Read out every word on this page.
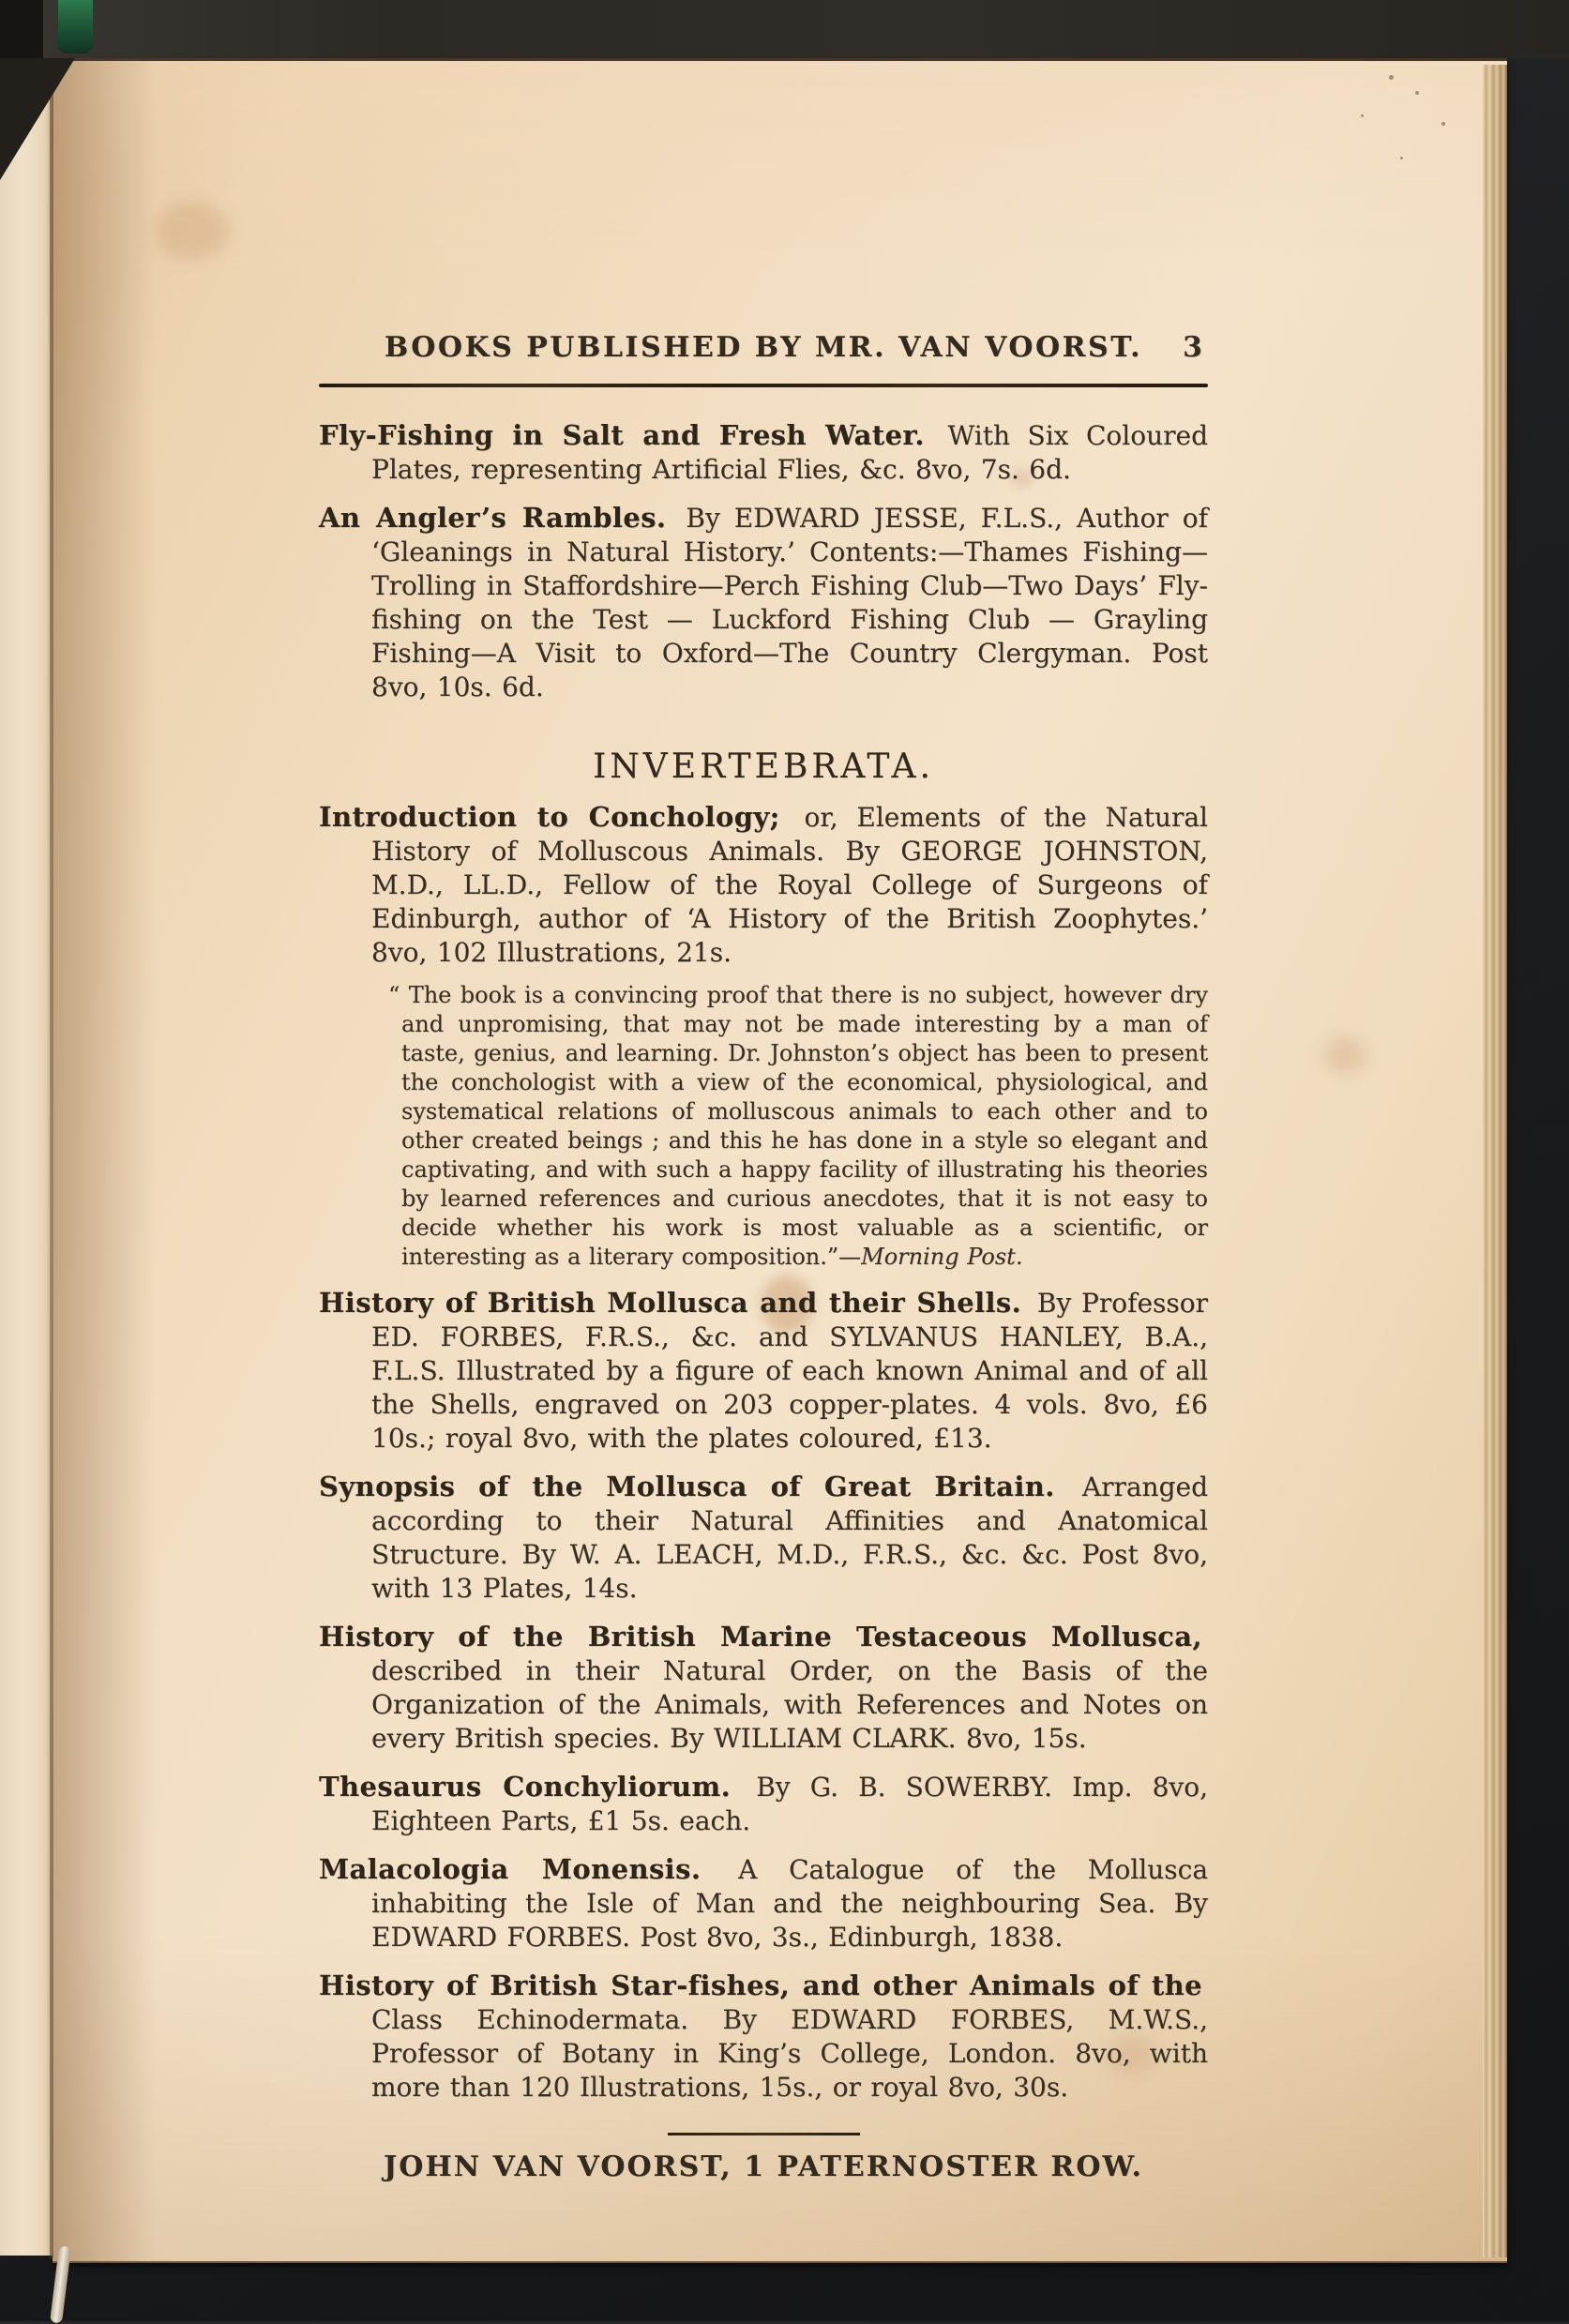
BOOKS PUBLISHED BY MR. VAN VOORST.	3

Fly-Fishing in Salt and Fresh Water. With Six Coloured Plates, representing Artificial Flies, &c. 8vo, 7s. 6d.

An Angler’s Rambles. By EDWARD JESSE, F.L.S., Author of ‘Gleanings in Natural History.’ Contents:—Thames Fishing—Trolling in Staffordshire—Perch Fishing Club—Two Days’ Fly-fishing on the Test — Luckford Fishing Club — Grayling Fishing—A Visit to Oxford—The Country Clergyman. Post 8vo, 10s. 6d.

INVERTEBRATA.

Introduction to Conchology; or, Elements of the Natural History of Molluscous Animals. By GEORGE JOHNSTON, M.D., LL.D., Fellow of the Royal College of Surgeons of Edinburgh, author of ‘A History of the British Zoophytes.’ 8vo, 102 Illustrations, 21s.

“ The book is a convincing proof that there is no subject, however dry and unpromising, that may not be made interesting by a man of taste, genius, and learning. Dr. Johnston’s object has been to present the conchologist with a view of the economical, physiological, and systematical relations of molluscous animals to each other and to other created beings ; and this he has done in a style so elegant and captivating, and with such a happy facility of illustrating his theories by learned references and curious anecdotes, that it is not easy to decide whether his work is most valuable as a scientific, or interesting as a literary composition.”—Morning Post.

History of British Mollusca and their Shells. By Professor ED. FORBES, F.R.S., &c. and SYLVANUS HANLEY, B.A., F.L.S. Illustrated by a figure of each known Animal and of all the Shells, engraved on 203 copper-plates. 4 vols. 8vo, £6 10s.; royal 8vo, with the plates coloured, £13.

Synopsis of the Mollusca of Great Britain. Arranged according to their Natural Affinities and Anatomical Structure. By W. A. LEACH, M.D., F.R.S., &c. &c. Post 8vo, with 13 Plates, 14s.

History of the British Marine Testaceous Mollusca, described in their Natural Order, on the Basis of the Organization of the Animals, with References and Notes on every British species. By WILLIAM CLARK. 8vo, 15s.

Thesaurus Conchyliorum. By G. B. SOWERBY. Imp. 8vo, Eighteen Parts, £1 5s. each.

Malacologia Monensis. A Catalogue of the Mollusca inhabiting the Isle of Man and the neighbouring Sea. By EDWARD FORBES. Post 8vo, 3s., Edinburgh, 1838.

History of British Star-fishes, and other Animals of the Class Echinodermata. By EDWARD FORBES, M.W.S., Professor of Botany in King’s College, London. 8vo, with more than 120 Illustrations, 15s., or royal 8vo, 30s.

JOHN VAN VOORST, 1 PATERNOSTER ROW.
